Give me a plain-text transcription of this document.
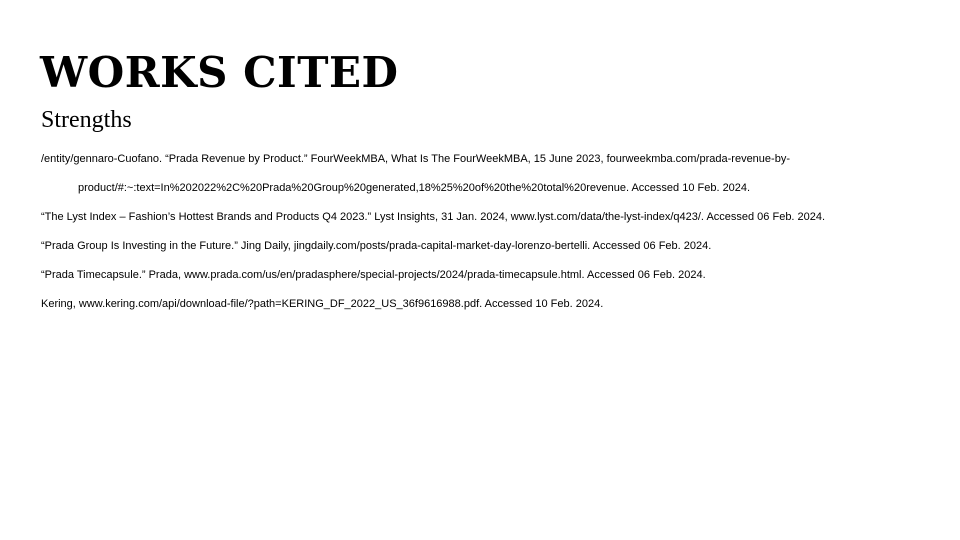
WORKS CITED
Strengths
/entity/gennaro-Cuofano. “Prada Revenue by Product.” FourWeekMBA, What Is The FourWeekMBA, 15 June 2023, fourweekmba.com/prada-revenue-by-
product/#:~:text=In%202022%2C%20Prada%20Group%20generated,18%25%20of%20the%20total%20revenue. Accessed 10 Feb. 2024.
“The Lyst Index – Fashion’s Hottest Brands and Products Q4 2023.” Lyst Insights, 31 Jan. 2024, www.lyst.com/data/the-lyst-index/q423/. Accessed 06 Feb. 2024.
“Prada Group Is Investing in the Future.” Jing Daily, jingdaily.com/posts/prada-capital-market-day-lorenzo-bertelli. Accessed 06 Feb. 2024.
“Prada Timecapsule.” Prada, www.prada.com/us/en/pradasphere/special-projects/2024/prada-timecapsule.html. Accessed 06 Feb. 2024.
Kering, www.kering.com/api/download-file/?path=KERING_DF_2022_US_36f9616988.pdf. Accessed 10 Feb. 2024.
